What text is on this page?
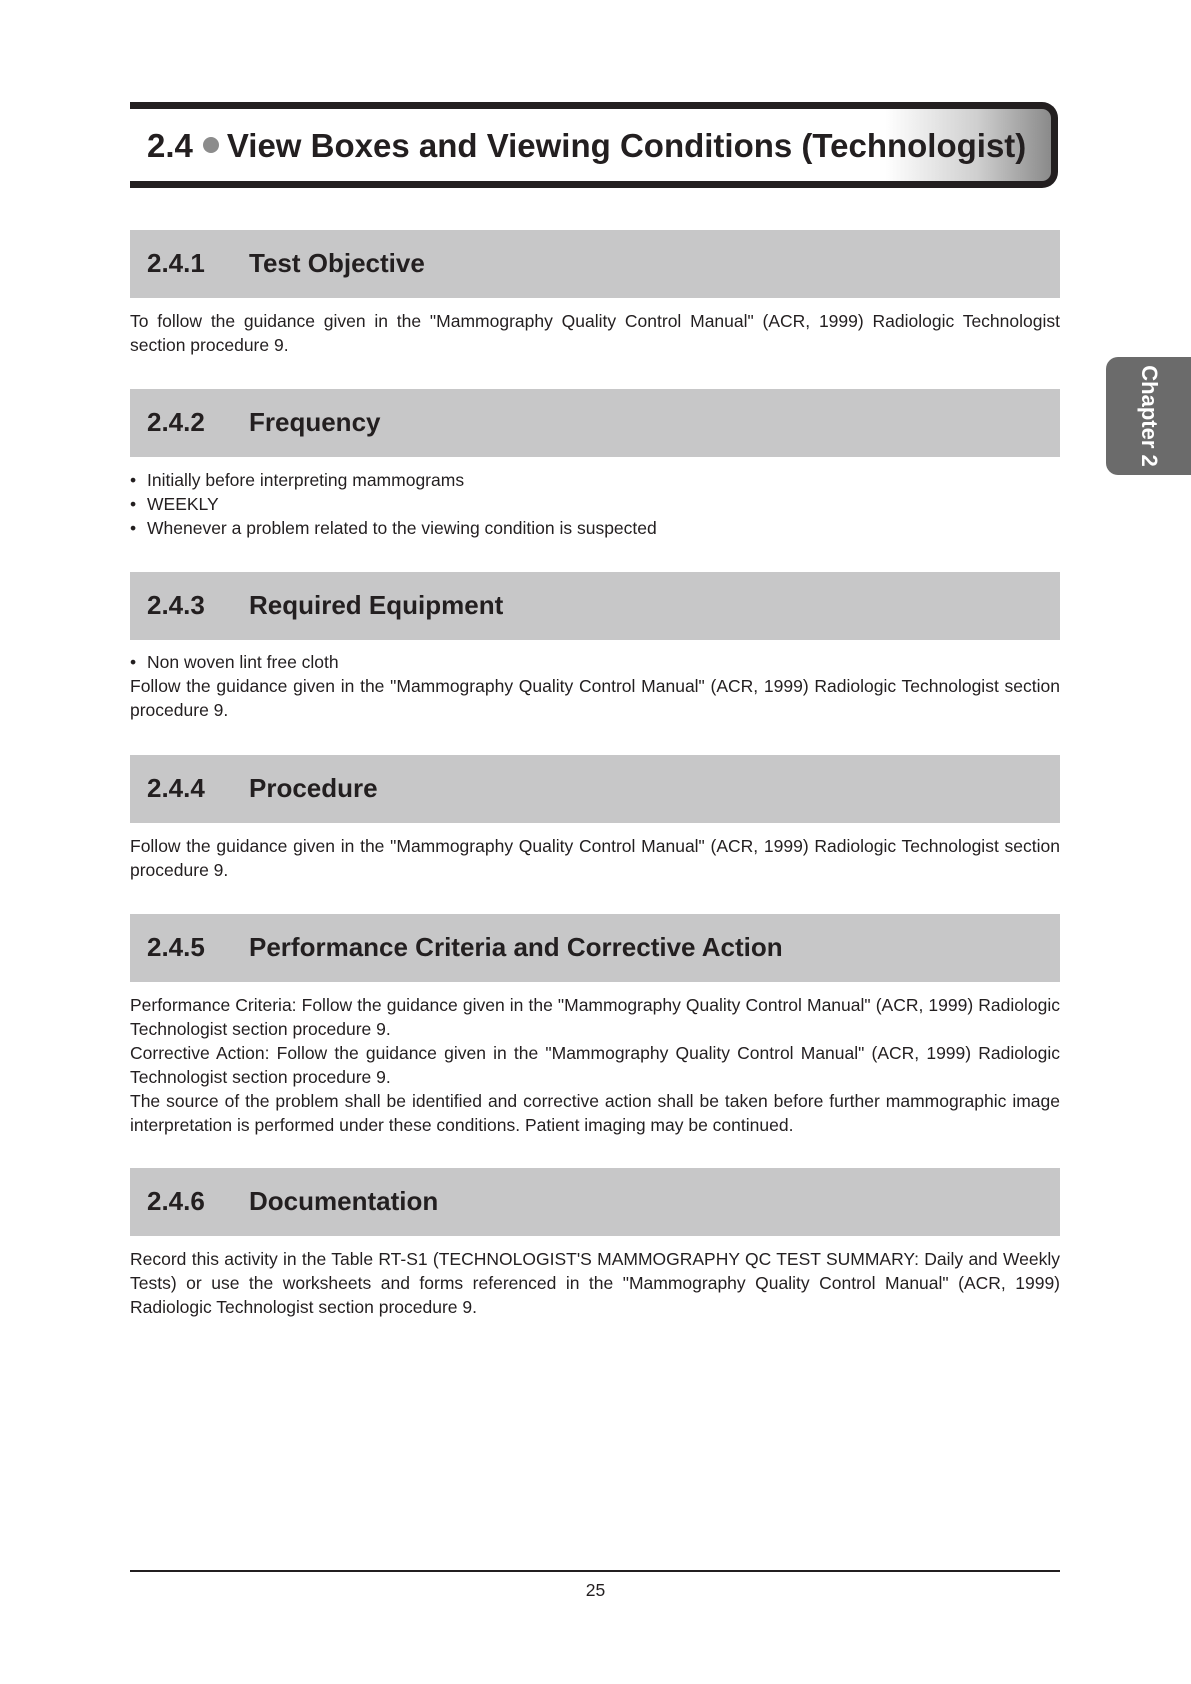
2.4 View Boxes and Viewing Conditions (Technologist)
Chapter 2
2.4.1 Test Objective

To follow the guidance given in the "Mammography Quality Control Manual" (ACR, 1999) Radiologic Technologist section procedure 9.

2.4.2 Frequency
• Initially before interpreting mammograms
• WEEKLY
• Whenever a problem related to the viewing condition is suspected
2.4.3 Required Equipment
• Non woven lint free cloth

Follow the guidance given in the "Mammography Quality Control Manual" (ACR, 1999) Radiologic Technologist section procedure 9.

2.4.4 Procedure

Follow the guidance given in the "Mammography Quality Control Manual" (ACR, 1999) Radiologic Technologist section procedure 9.

2.4.5 Performance Criteria and Corrective Action

Performance Criteria: Follow the guidance given in the "Mammography Quality Control Manual" (ACR, 1999) Radiologic Technologist section procedure 9.

Corrective Action: Follow the guidance given in the "Mammography Quality Control Manual" (ACR, 1999) Radiologic Technologist section procedure 9.

The source of the problem shall be identified and corrective action shall be taken before further mammographic image interpretation is performed under these conditions. Patient imaging may be continued.

2.4.6 Documentation

Record this activity in the Table RT-S1 (TECHNOLOGIST'S MAMMOGRAPHY QC TEST SUMMARY: Daily and Weekly Tests) or use the worksheets and forms referenced in the "Mammography Quality Control Manual" (ACR, 1999) Radiologic Technologist section procedure 9.

25
